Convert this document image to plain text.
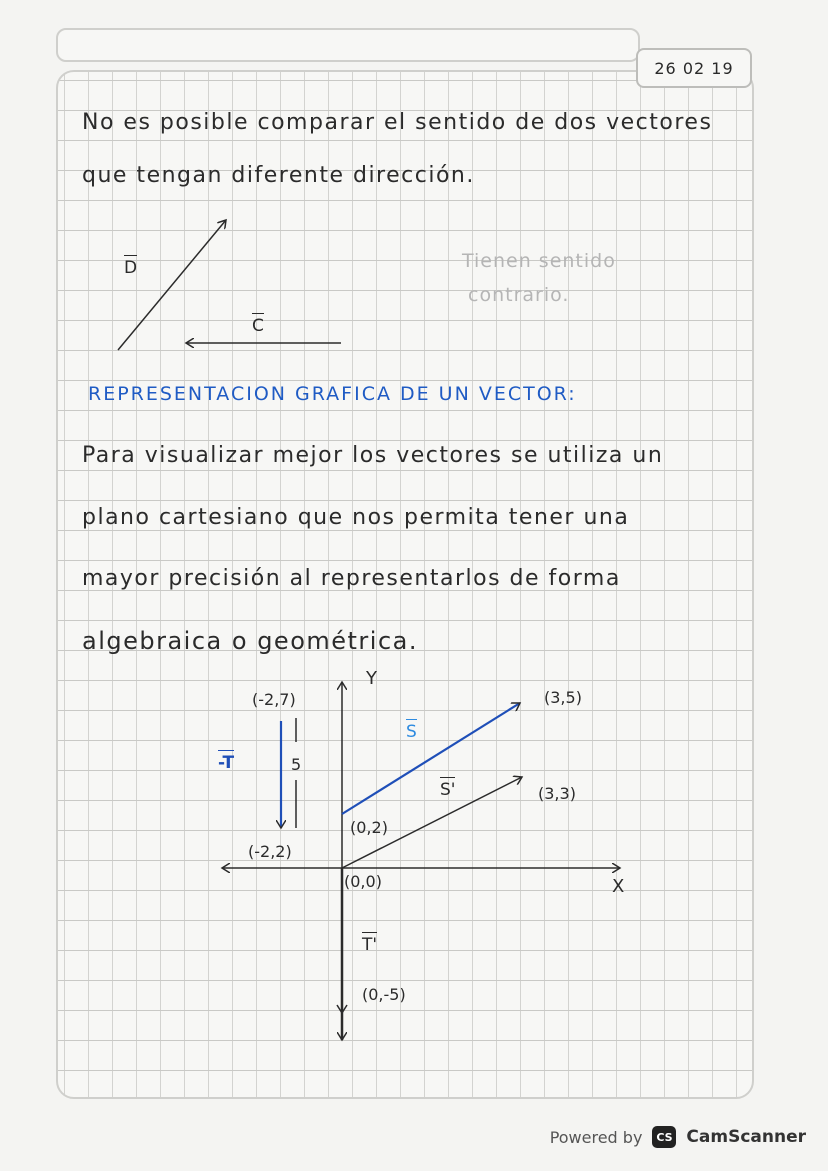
26 02 19
No es posible comparar el sentido de dos vectores
que tengan diferente dirección.
Tienen sentido
contrario.
D
C
REPRESENTACION GRAFICA DE UN VECTOR:
Para visualizar mejor los vectores se utiliza un
plano cartesiano que nos permita tener una
mayor precisión al representarlos de forma
algebraica o geométrica.
Y
X
(-2,7)
(-2,2)
(3,5)
(3,3)
(0,2)
(0,0)
(0,-5)
5
-T
S
S'
T'
Powered by	CS CamScanner
